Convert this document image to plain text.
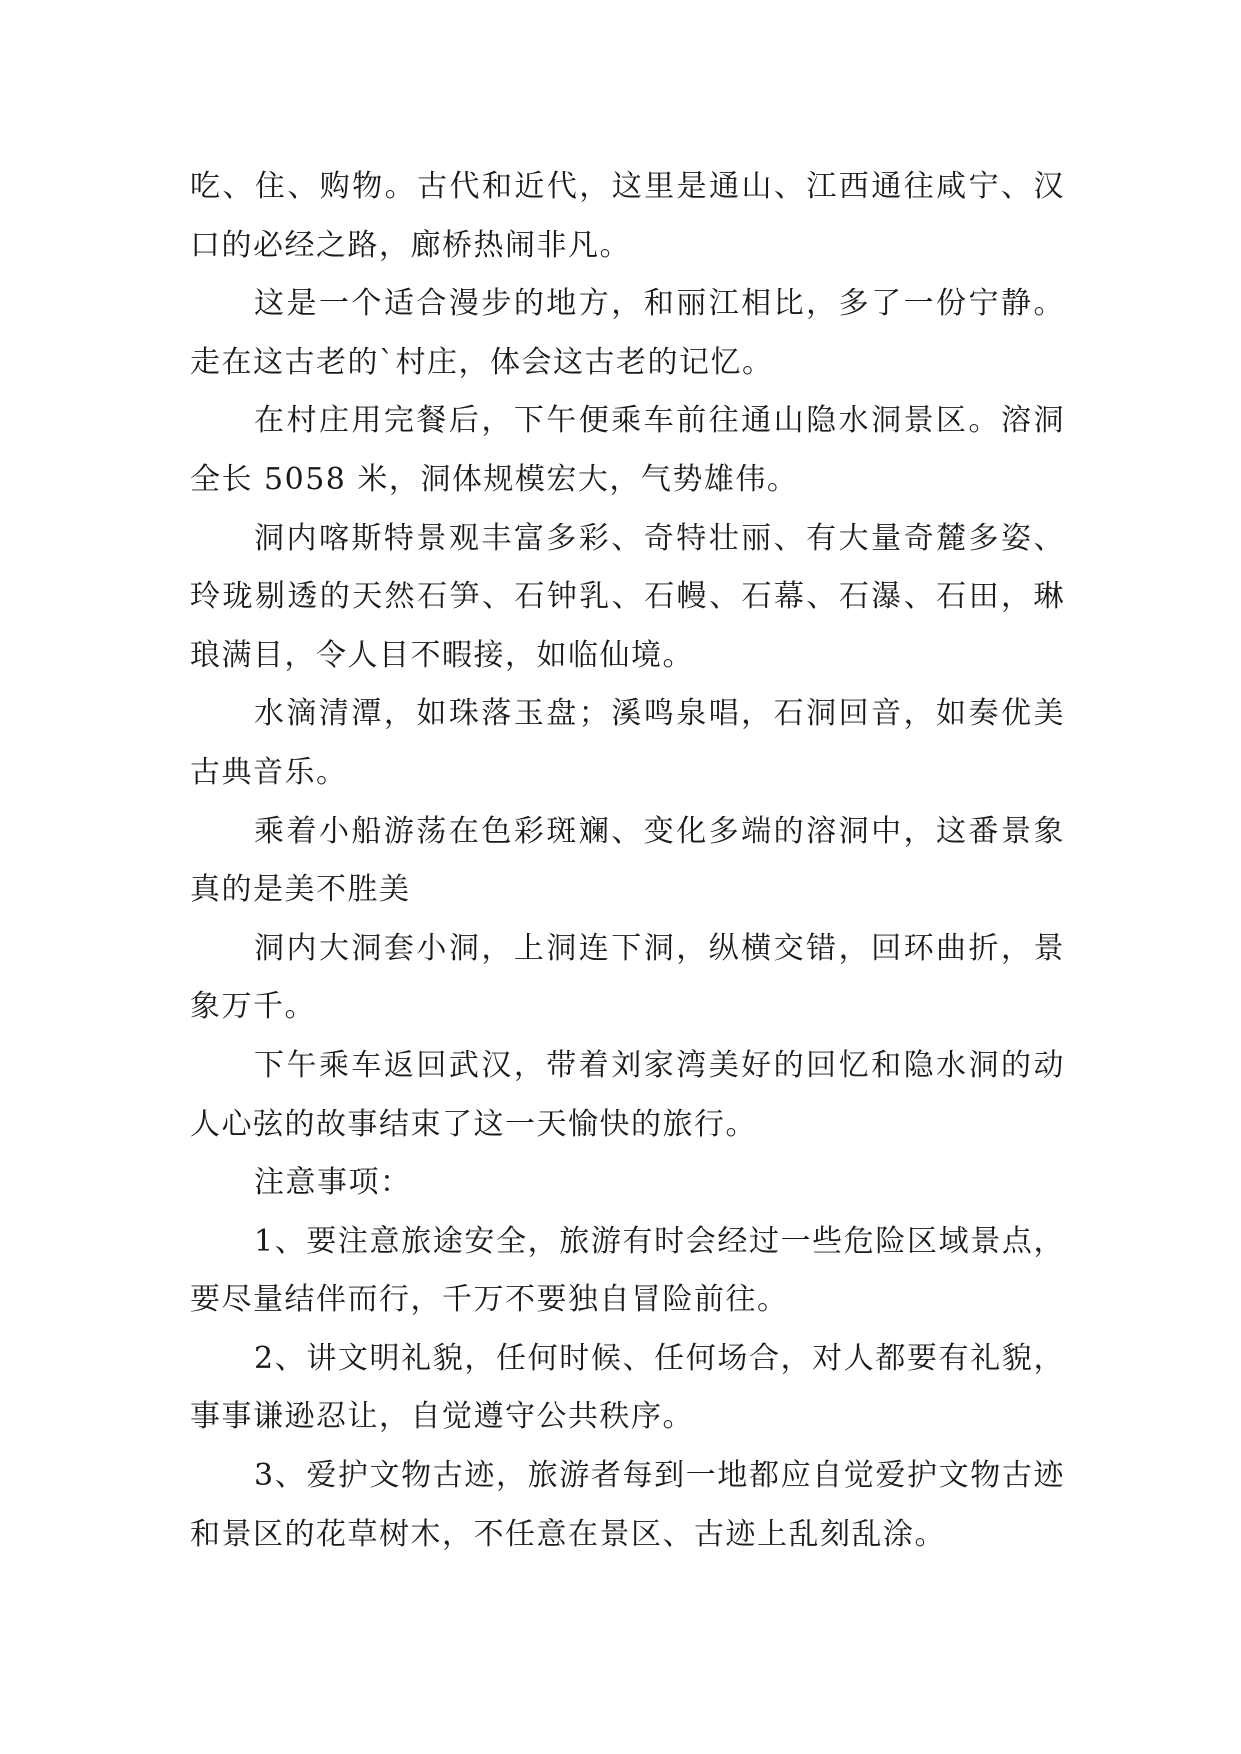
吃、住、购物。古代和近代，这里是通山、江西通往咸宁、汉口的必经之路，廊桥热闹非凡。

这是一个适合漫步的地方，和丽江相比，多了一份宁静。走在这古老的`村庄，体会这古老的记忆。

在村庄用完餐后，下午便乘车前往通山隐水洞景区。溶洞全长 5058 米，洞体规模宏大，气势雄伟。

洞内喀斯特景观丰富多彩、奇特壮丽、有大量奇麓多姿、玲珑剔透的天然石笋、石钟乳、石幔、石幕、石瀑、石田，琳琅满目，令人目不暇接，如临仙境。

水滴清潭，如珠落玉盘；溪鸣泉唱，石洞回音，如奏优美古典音乐。

乘着小船游荡在色彩斑斓、变化多端的溶洞中，这番景象真的是美不胜美

洞内大洞套小洞，上洞连下洞，纵横交错，回环曲折，景象万千。

下午乘车返回武汉，带着刘家湾美好的回忆和隐水洞的动人心弦的故事结束了这一天愉快的旅行。

注意事项：

1、要注意旅途安全，旅游有时会经过一些危险区域景点，要尽量结伴而行，千万不要独自冒险前往。

2、讲文明礼貌，任何时候、任何场合，对人都要有礼貌，事事谦逊忍让，自觉遵守公共秩序。

3、爱护文物古迹，旅游者每到一地都应自觉爱护文物古迹和景区的花草树木，不任意在景区、古迹上乱刻乱涂。
